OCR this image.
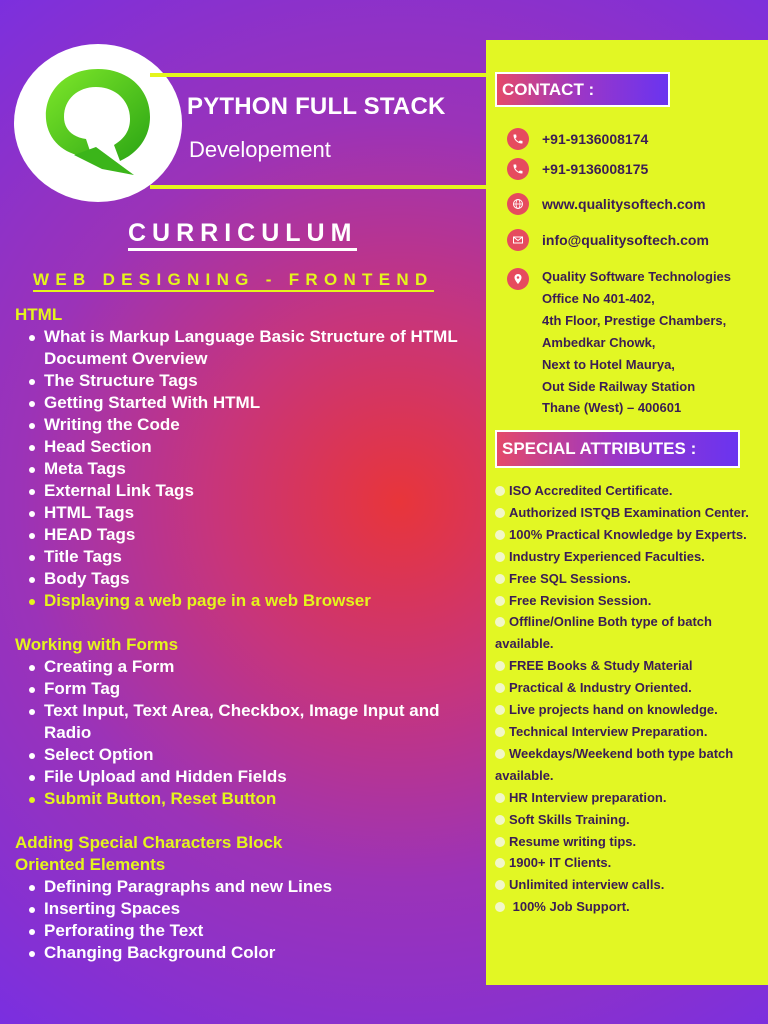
PYTHON FULL STACK
Developement
CURRICULUM
WEB DESIGNING - FRONTEND
HTML
What is Markup Language Basic Structure of HTML Document Overview
The Structure Tags
Getting Started With HTML
Writing the Code
Head Section
Meta Tags
External Link Tags
HTML Tags
HEAD Tags
Title Tags
Body Tags
Displaying a web page in a web Browser
Working with Forms
Creating a Form
Form Tag
Text Input, Text Area, Checkbox, Image Input and Radio
Select Option
File Upload and Hidden Fields
Submit Button, Reset Button
Adding Special Characters Block
Oriented Elements
Defining Paragraphs and new Lines
Inserting Spaces
Perforating the Text
Changing Background Color
CONTACT :
+91-9136008174
+91-9136008175
www.qualitysoftech.com
info@qualitysoftech.com
Quality Software Technologies
Office No 401-402,
4th Floor, Prestige Chambers,
Ambedkar Chowk,
Next to Hotel Maurya,
Out Side Railway Station
Thane (West) – 400601
SPECIAL ATTRIBUTES :
ISO Accredited Certificate.
Authorized ISTQB Examination Center.
100% Practical Knowledge by Experts.
Industry Experienced Faculties.
Free SQL Sessions.
Free Revision Session.
Offline/Online Both type of batch available.
FREE Books & Study Material
Practical & Industry Oriented.
Live projects hand on knowledge.
Technical Interview Preparation.
Weekdays/Weekend both type batch available.
HR Interview preparation.
Soft Skills Training.
Resume writing tips.
1900+ IT Clients.
Unlimited interview calls.
100% Job Support.
